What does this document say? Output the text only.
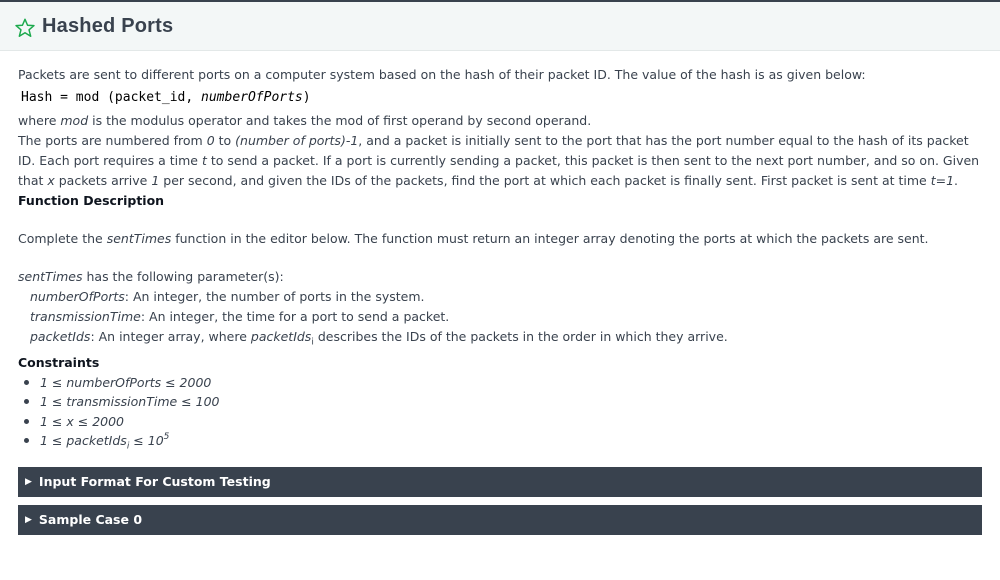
Hashed Ports

Packets are sent to different ports on a computer system based on the hash of their packet ID. The value of the hash is as given below:

Hash = mod (packet_id, numberOfPorts)

where mod is the modulus operator and takes the mod of first operand by second operand.

The ports are numbered from 0 to (number of ports)-1, and a packet is initially sent to the port that has the port number equal to the hash of its packet ID. Each port requires a time t to send a packet. If a port is currently sending a packet, this packet is then sent to the next port number, and so on. Given that x packets arrive 1 per second, and given the IDs of the packets, find the port at which each packet is finally sent. First packet is sent at time t=1.

Function Description

Complete the sentTimes function in the editor below. The function must return an integer array denoting the ports at which the packets are sent.

sentTimes has the following parameter(s):

numberOfPorts: An integer, the number of ports in the system.

transmissionTime: An integer, the time for a port to send a packet.

packetIds: An integer array, where packetIds$_i$ describes the IDs of the packets in the order in which they arrive.

Constraints

1 ≤ numberOfPorts ≤ 2000
1 ≤ transmissionTime ≤ 100
1 ≤ x ≤ 2000
1 ≤ packetIds$_i$ ≤ $10^5$
▶ Input Format For Custom Testing
▶ Sample Case 0
